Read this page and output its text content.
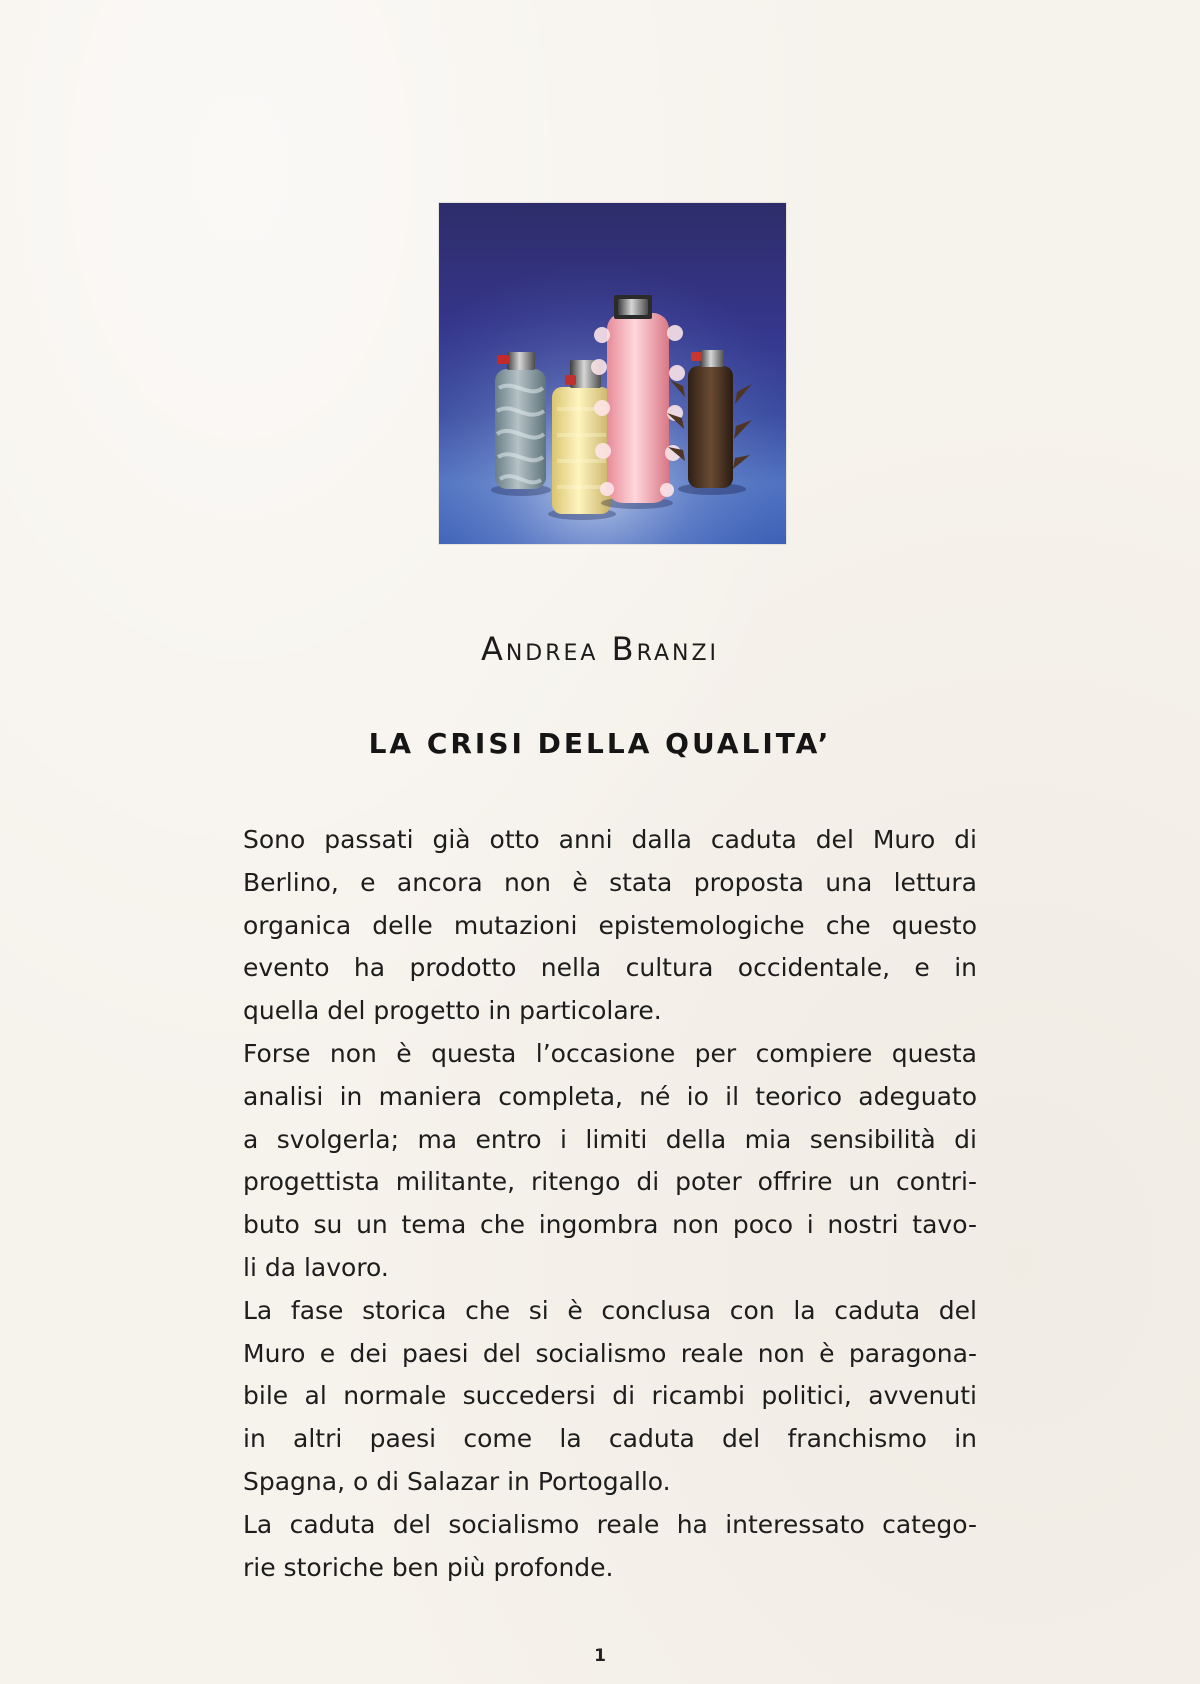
Andrea Branzi
LA CRISI DELLA QUALITA’
Sono passati già otto anni dalla caduta del Muro di
Berlino, e ancora non è stata proposta una lettura
organica delle mutazioni epistemologiche che questo
evento ha prodotto nella cultura occidentale, e in
quella del progetto in particolare.
Forse non è questa l’occasione per compiere questa
analisi in maniera completa, né io il teorico adeguato
a svolgerla; ma entro i limiti della mia sensibilità di
progettista militante, ritengo di poter offrire un contri-
buto su un tema che ingombra non poco i nostri tavo-
li da lavoro.
La fase storica che si è conclusa con la caduta del
Muro e dei paesi del socialismo reale non è paragona-
bile al normale succedersi di ricambi politici, avvenuti
in altri paesi come la caduta del franchismo in
Spagna, o di Salazar in Portogallo.
La caduta del socialismo reale ha interessato catego-
rie storiche ben più profonde.
1
